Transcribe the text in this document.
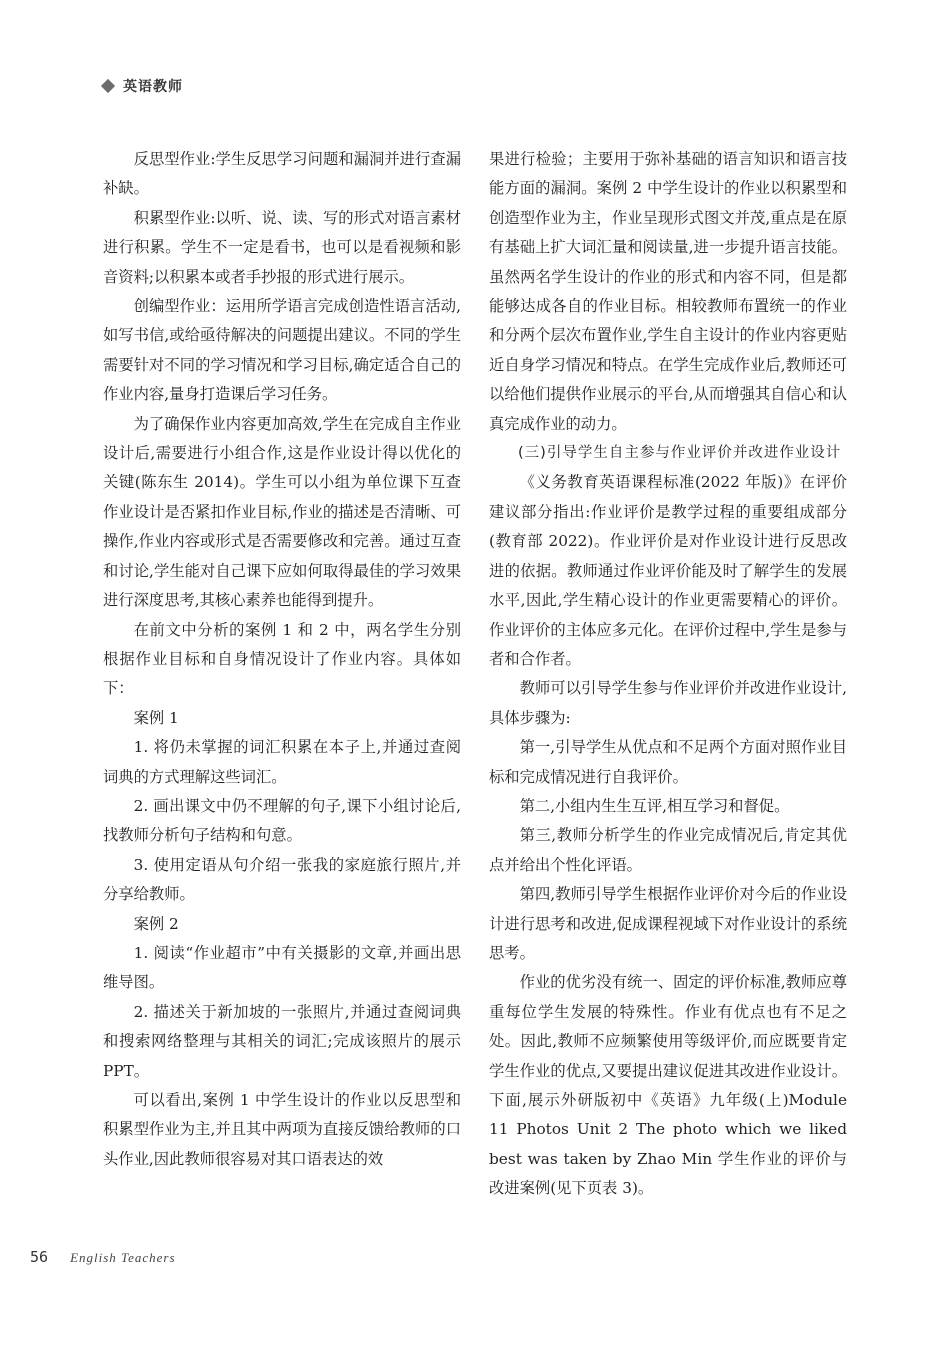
英语教师

反思型作业:学生反思学习问题和漏洞并进行查漏补缺。

积累型作业:以听、说、读、写的形式对语言素材进行积累。学生不一定是看书，也可以是看视频和影音资料;以积累本或者手抄报的形式进行展示。

创编型作业：运用所学语言完成创造性语言活动,如写书信,或给亟待解决的问题提出建议。不同的学生需要针对不同的学习情况和学习目标,确定适合自己的作业内容,量身打造课后学习任务。

为了确保作业内容更加高效,学生在完成自主作业设计后,需要进行小组合作,这是作业设计得以优化的关键(陈东生 2014)。学生可以小组为单位课下互查作业设计是否紧扣作业目标,作业的描述是否清晰、可操作,作业内容或形式是否需要修改和完善。通过互查和讨论,学生能对自己课下应如何取得最佳的学习效果进行深度思考,其核心素养也能得到提升。

在前文中分析的案例 1 和 2 中，两名学生分别根据作业目标和自身情况设计了作业内容。具体如下：

案例 1

1. 将仍未掌握的词汇积累在本子上,并通过查阅词典的方式理解这些词汇。

2. 画出课文中仍不理解的句子,课下小组讨论后,找教师分析句子结构和句意。

3. 使用定语从句介绍一张我的家庭旅行照片,并分享给教师。

案例 2

1. 阅读“作业超市”中有关摄影的文章,并画出思维导图。

2. 描述关于新加坡的一张照片,并通过查阅词典和搜索网络整理与其相关的词汇;完成该照片的展示 PPT。

可以看出,案例 1 中学生设计的作业以反思型和积累型作业为主,并且其中两项为直接反馈给教师的口头作业,因此教师很容易对其口语表达的效

果进行检验；主要用于弥补基础的语言知识和语言技能方面的漏洞。案例 2 中学生设计的作业以积累型和创造型作业为主，作业呈现形式图文并茂,重点是在原有基础上扩大词汇量和阅读量,进一步提升语言技能。虽然两名学生设计的作业的形式和内容不同，但是都能够达成各自的作业目标。相较教师布置统一的作业和分两个层次布置作业,学生自主设计的作业内容更贴近自身学习情况和特点。在学生完成作业后,教师还可以给他们提供作业展示的平台,从而增强其自信心和认真完成作业的动力。

(三)引导学生自主参与作业评价并改进作业设计

《义务教育英语课程标准(2022 年版)》在评价建议部分指出:作业评价是教学过程的重要组成部分(教育部 2022)。作业评价是对作业设计进行反思改进的依据。教师通过作业评价能及时了解学生的发展水平,因此,学生精心设计的作业更需要精心的评价。作业评价的主体应多元化。在评价过程中,学生是参与者和合作者。

教师可以引导学生参与作业评价并改进作业设计,具体步骤为:

第一,引导学生从优点和不足两个方面对照作业目标和完成情况进行自我评价。

第二,小组内生生互评,相互学习和督促。

第三,教师分析学生的作业完成情况后,肯定其优点并给出个性化评语。

第四,教师引导学生根据作业评价对今后的作业设计进行思考和改进,促成课程视域下对作业设计的系统思考。

作业的优劣没有统一、固定的评价标准,教师应尊重每位学生发展的特殊性。作业有优点也有不足之处。因此,教师不应频繁使用等级评价,而应既要肯定学生作业的优点,又要提出建议促进其改进作业设计。下面,展示外研版初中《英语》九年级(上)Module 11 Photos Unit 2 The photo which we liked best was taken by Zhao Min 学生作业的评价与改进案例(见下页表 3)。

56 English Teachers
